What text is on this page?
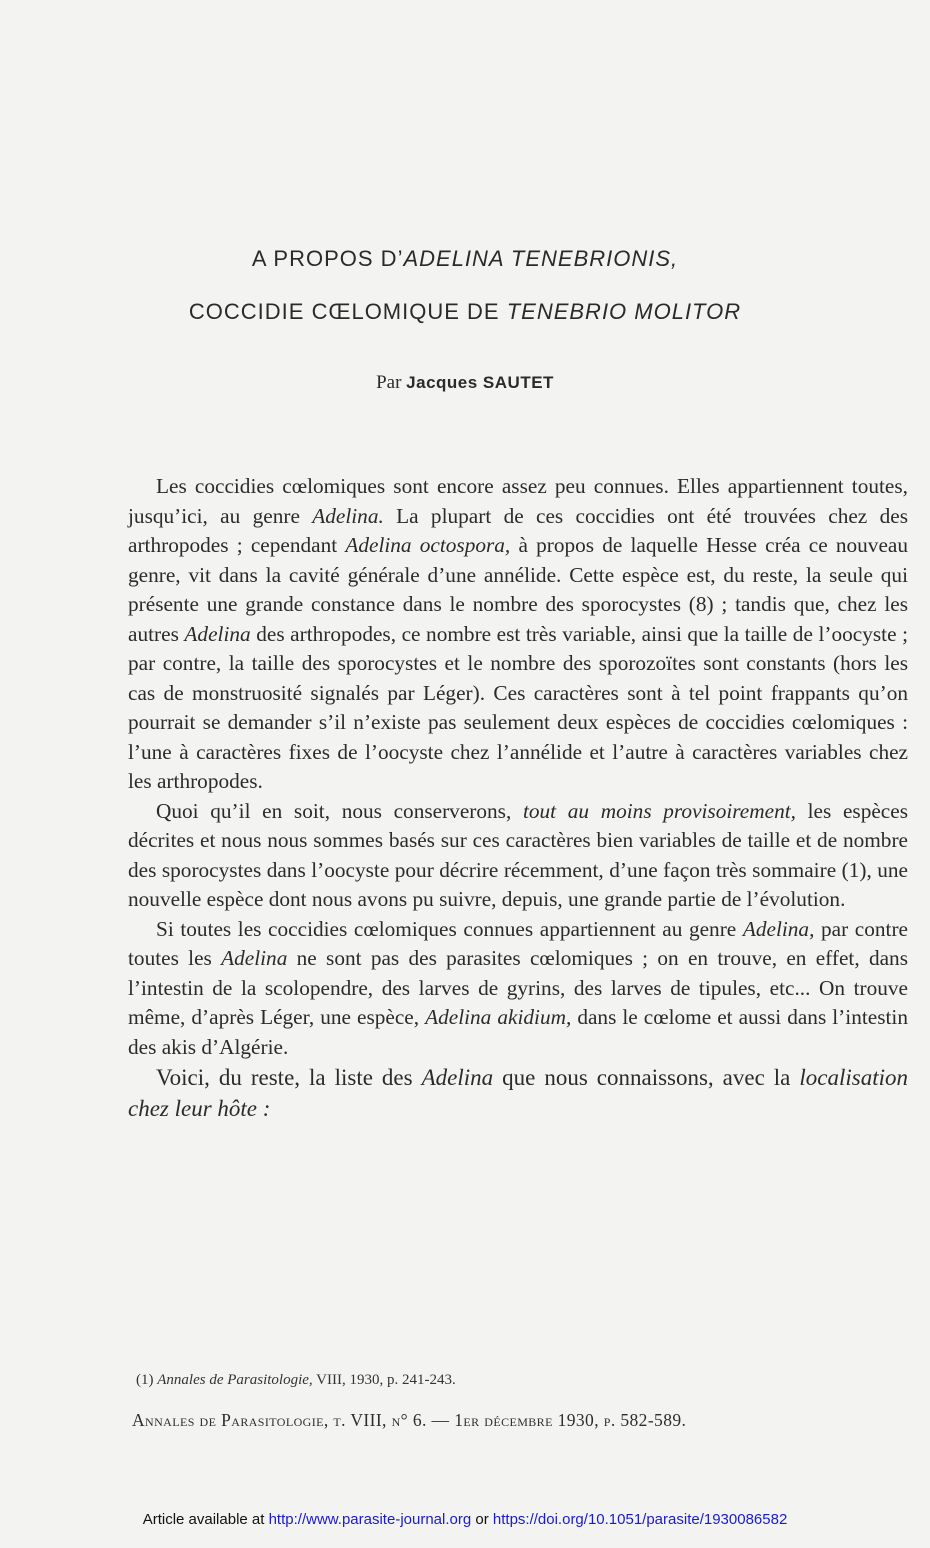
A PROPOS D’ADELINA TENEBRIONIS,
COCCIDIE CŒLOMIQUE DE TENEBRIO MOLITOR
Par Jacques SAUTET

Les coccidies cœlomiques sont encore assez peu connues. Elles appartiennent toutes, jusqu’ici, au genre Adelina. La plupart de ces coccidies ont été trouvées chez des arthropodes ; cependant Adelina octospora, à propos de laquelle Hesse créa ce nouveau genre, vit dans la cavité générale d’une annélide. Cette espèce est, du reste, la seule qui présente une grande constance dans le nombre des sporocystes (8) ; tandis que, chez les autres Adelina des arthropodes, ce nombre est très variable, ainsi que la taille de l’oocyste ; par contre, la taille des sporocystes et le nombre des sporozoïtes sont constants (hors les cas de monstruosité signalés par Léger). Ces caractères sont à tel point frappants qu’on pourrait se demander s’il n’existe pas seulement deux espèces de coccidies cœlomiques : l’une à caractères fixes de l’oocyste chez l’annélide et l’autre à caractères variables chez les arthropodes.

Quoi qu’il en soit, nous conserverons, tout au moins provisoirement, les espèces décrites et nous nous sommes basés sur ces caractères bien variables de taille et de nombre des sporocystes dans l’oocyste pour décrire récemment, d’une façon très sommaire (1), une nouvelle espèce dont nous avons pu suivre, depuis, une grande partie de l’évolution.

Si toutes les coccidies cœlomiques connues appartiennent au genre Adelina, par contre toutes les Adelina ne sont pas des parasites cœlomiques ; on en trouve, en effet, dans l’intestin de la scolopendre, des larves de gyrins, des larves de tipules, etc... On trouve même, d’après Léger, une espèce, Adelina akidium, dans le cœlome et aussi dans l’intestin des akis d’Algérie.

Voici, du reste, la liste des Adelina que nous connaissons, avec la localisation chez leur hôte :

(1) Annales de Parasitologie, VIII, 1930, p. 241-243.
Annales de Parasitologie, t. VIII, n° 6. — 1er décembre 1930, p. 582-589.
Article available at http://www.parasite-journal.org or https://doi.org/10.1051/parasite/1930086582
